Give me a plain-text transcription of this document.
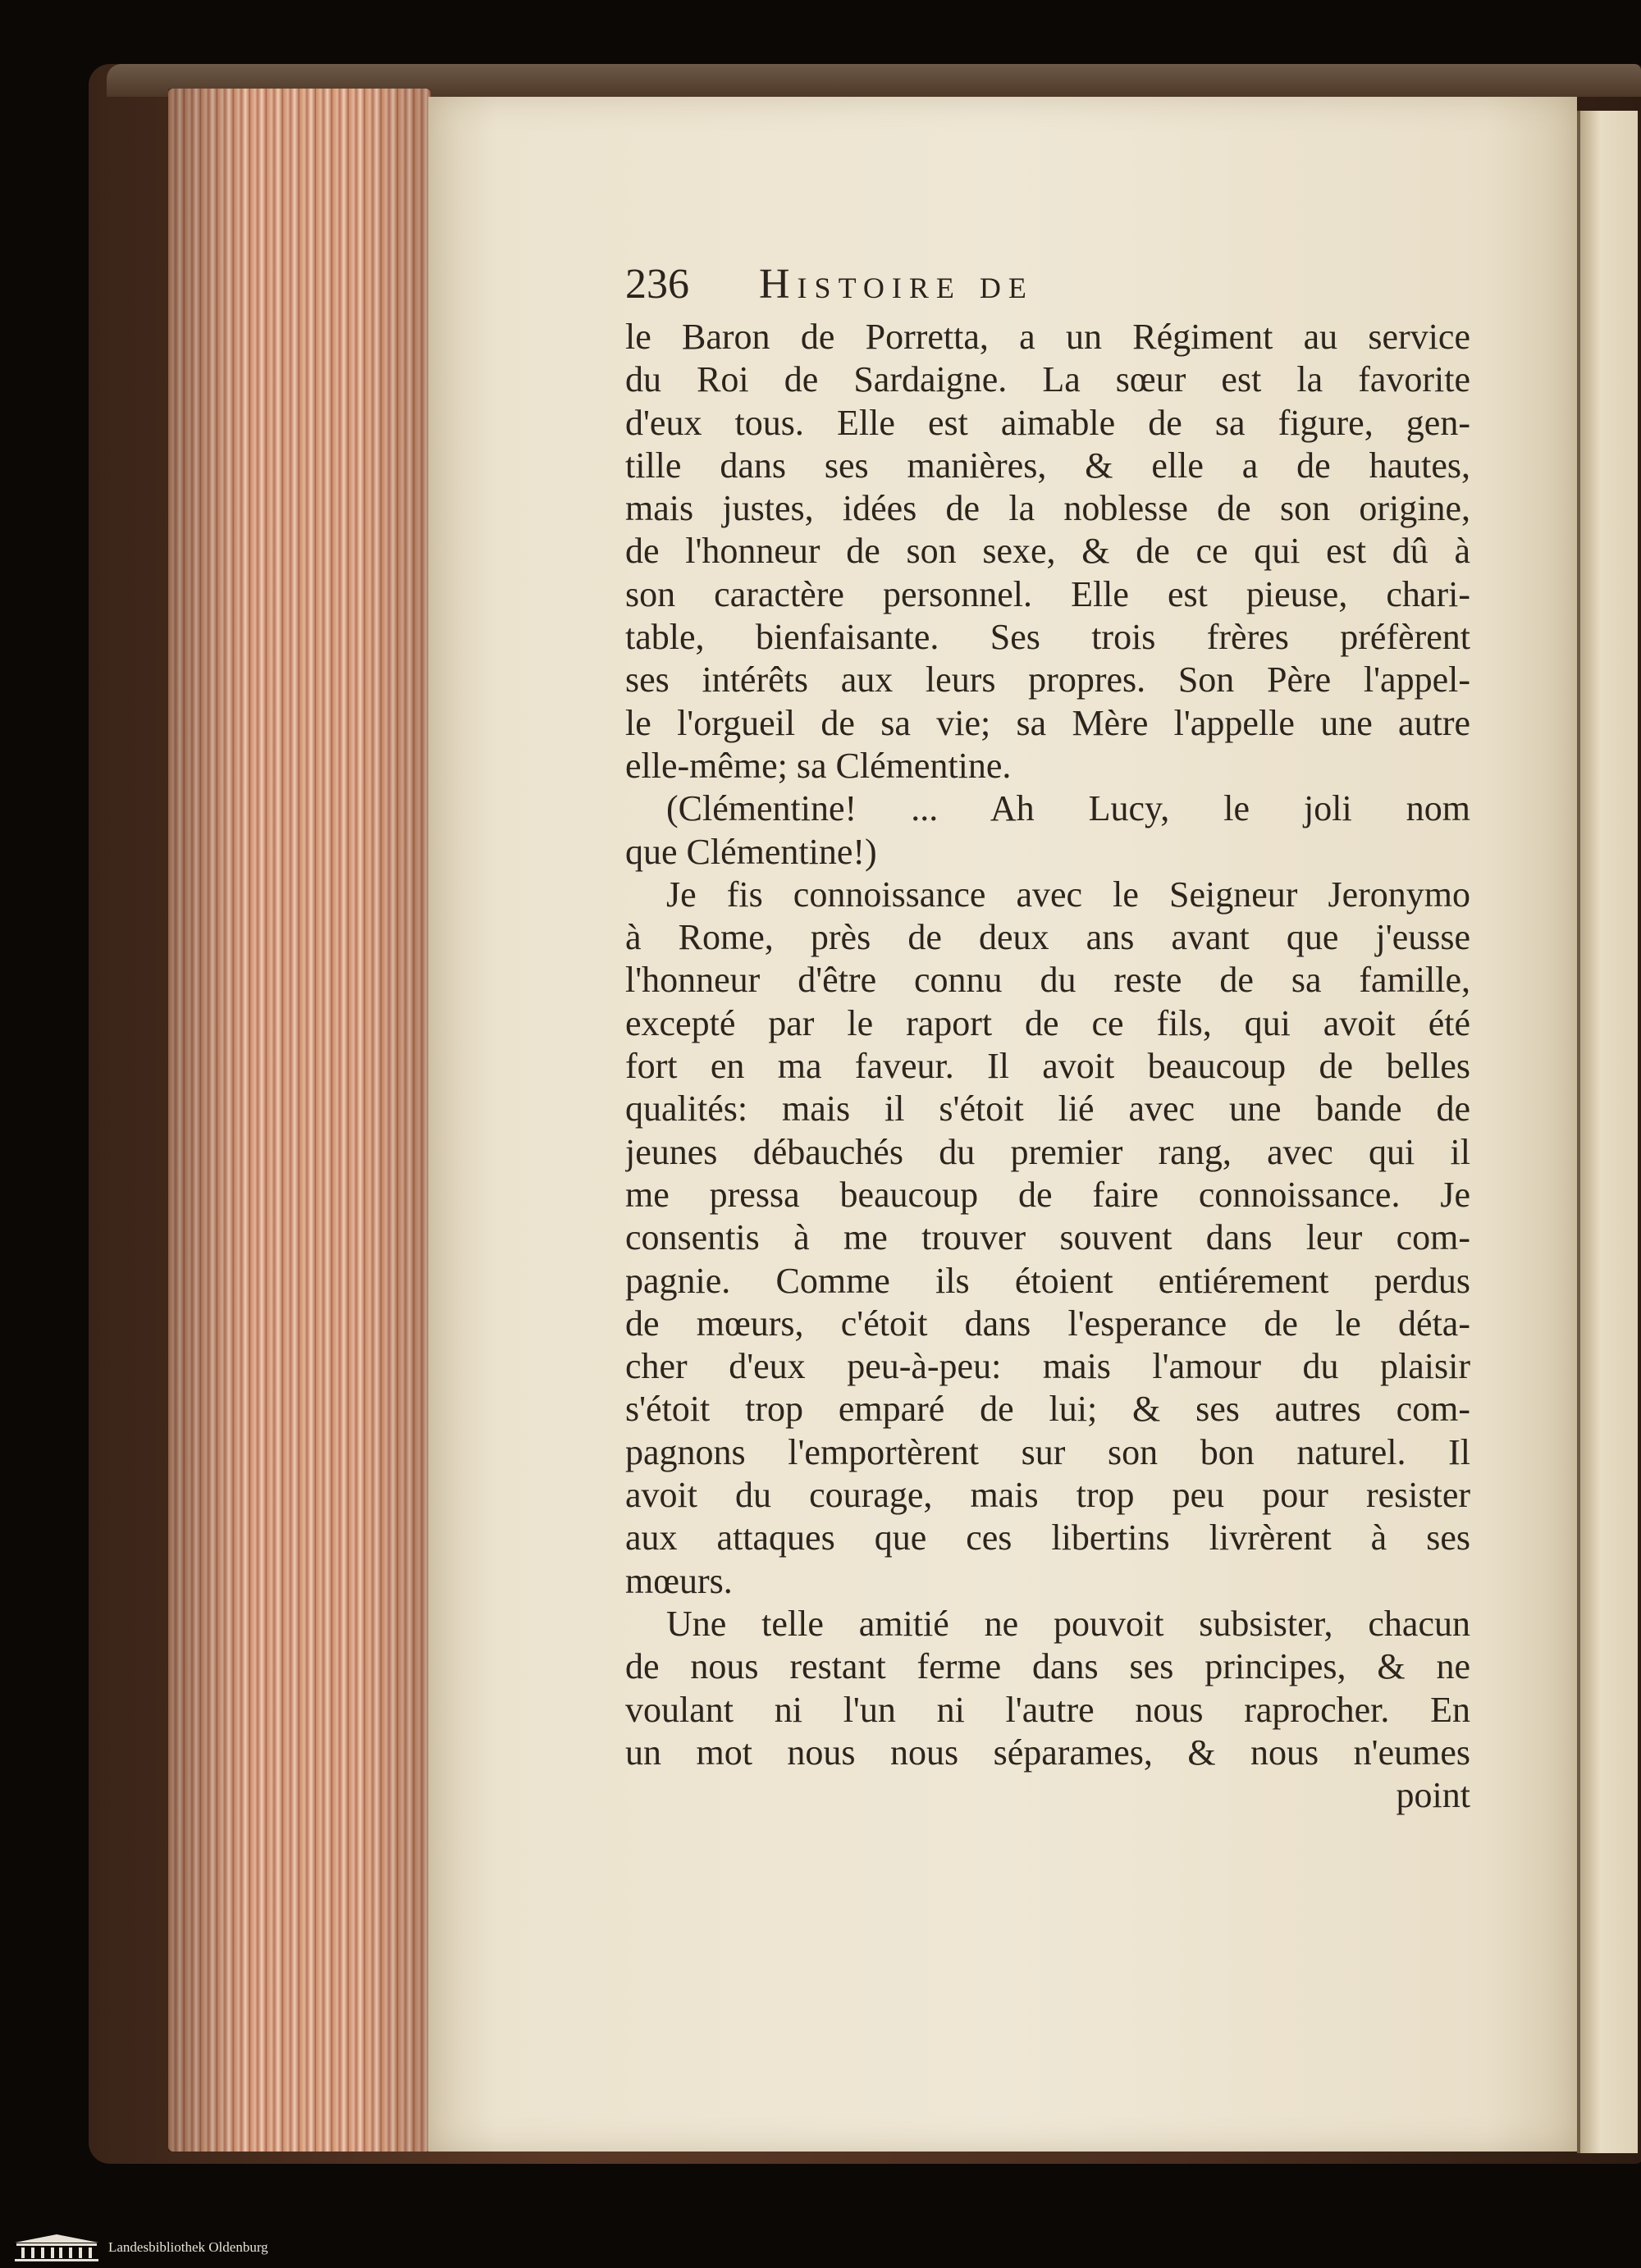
236 Histoire de
le Baron de Porretta, a un Régiment au service
du Roi de Sardaigne. La sœur est la favorite
d'eux tous. Elle est aimable de sa figure, gen-
tille dans ses manières, & elle a de hautes,
mais justes, idées de la noblesse de son origine,
de l'honneur de son sexe, & de ce qui est dû à
son caractère personnel. Elle est pieuse, chari-
table, bienfaisante. Ses trois frères préfèrent
ses intérêts aux leurs propres. Son Père l'appel-
le l'orgueil de sa vie; sa Mère l'appelle une autre
elle-même; sa Clémentine.
(Clémentine! ... Ah Lucy, le joli nom
que Clémentine!)
Je fis connoissance avec le Seigneur Jeronymo
à Rome, près de deux ans avant que j'eusse
l'honneur d'être connu du reste de sa famille,
excepté par le raport de ce fils, qui avoit été
fort en ma faveur. Il avoit beaucoup de belles
qualités: mais il s'étoit lié avec une bande de
jeunes débauchés du premier rang, avec qui il
me pressa beaucoup de faire connoissance. Je
consentis à me trouver souvent dans leur com-
pagnie. Comme ils étoient entiérement perdus
de mœurs, c'étoit dans l'esperance de le déta-
cher d'eux peu-à-peu: mais l'amour du plaisir
s'étoit trop emparé de lui; & ses autres com-
pagnons l'emportèrent sur son bon naturel. Il
avoit du courage, mais trop peu pour resister
aux attaques que ces libertins livrèrent à ses
mœurs.
Une telle amitié ne pouvoit subsister, chacun
de nous restant ferme dans ses principes, & ne
voulant ni l'un ni l'autre nous raprocher. En
un mot nous nous séparames, & nous n'eumes
point
Landesbibliothek Oldenburg
